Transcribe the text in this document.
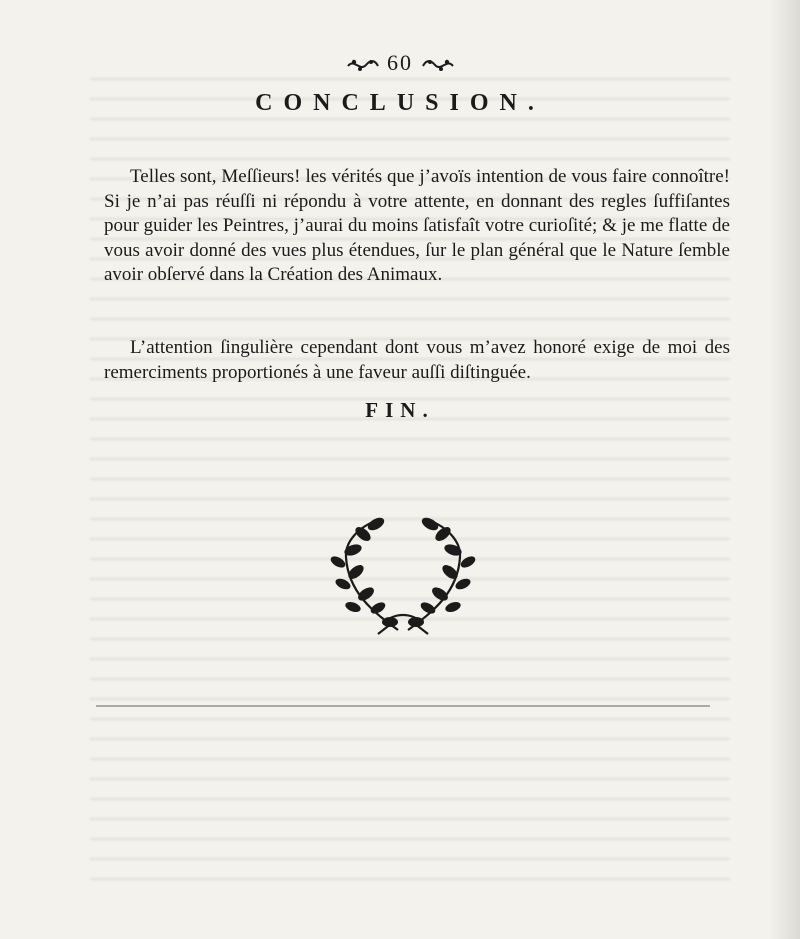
60
CONCLUSION.

Telles sont, Meſſieurs! les vérités que j’avoïs intention de vous faire connoître! Si je n’ai pas réuſſi ni répondu à votre attente, en donnant des regles ſuffiſantes pour guider les Peintres, j’aurai du moins ſatisfaît votre curioſité; & je me flatte de vous avoir donné des vues plus étendues, ſur le plan général que le Nature ſemble avoir obſervé dans la Création des Animaux.

L’attention ſingulière cependant dont vous m’avez honoré exige de moi des remerciments proportionés à une faveur auſſi diſtinguée.

FIN.
